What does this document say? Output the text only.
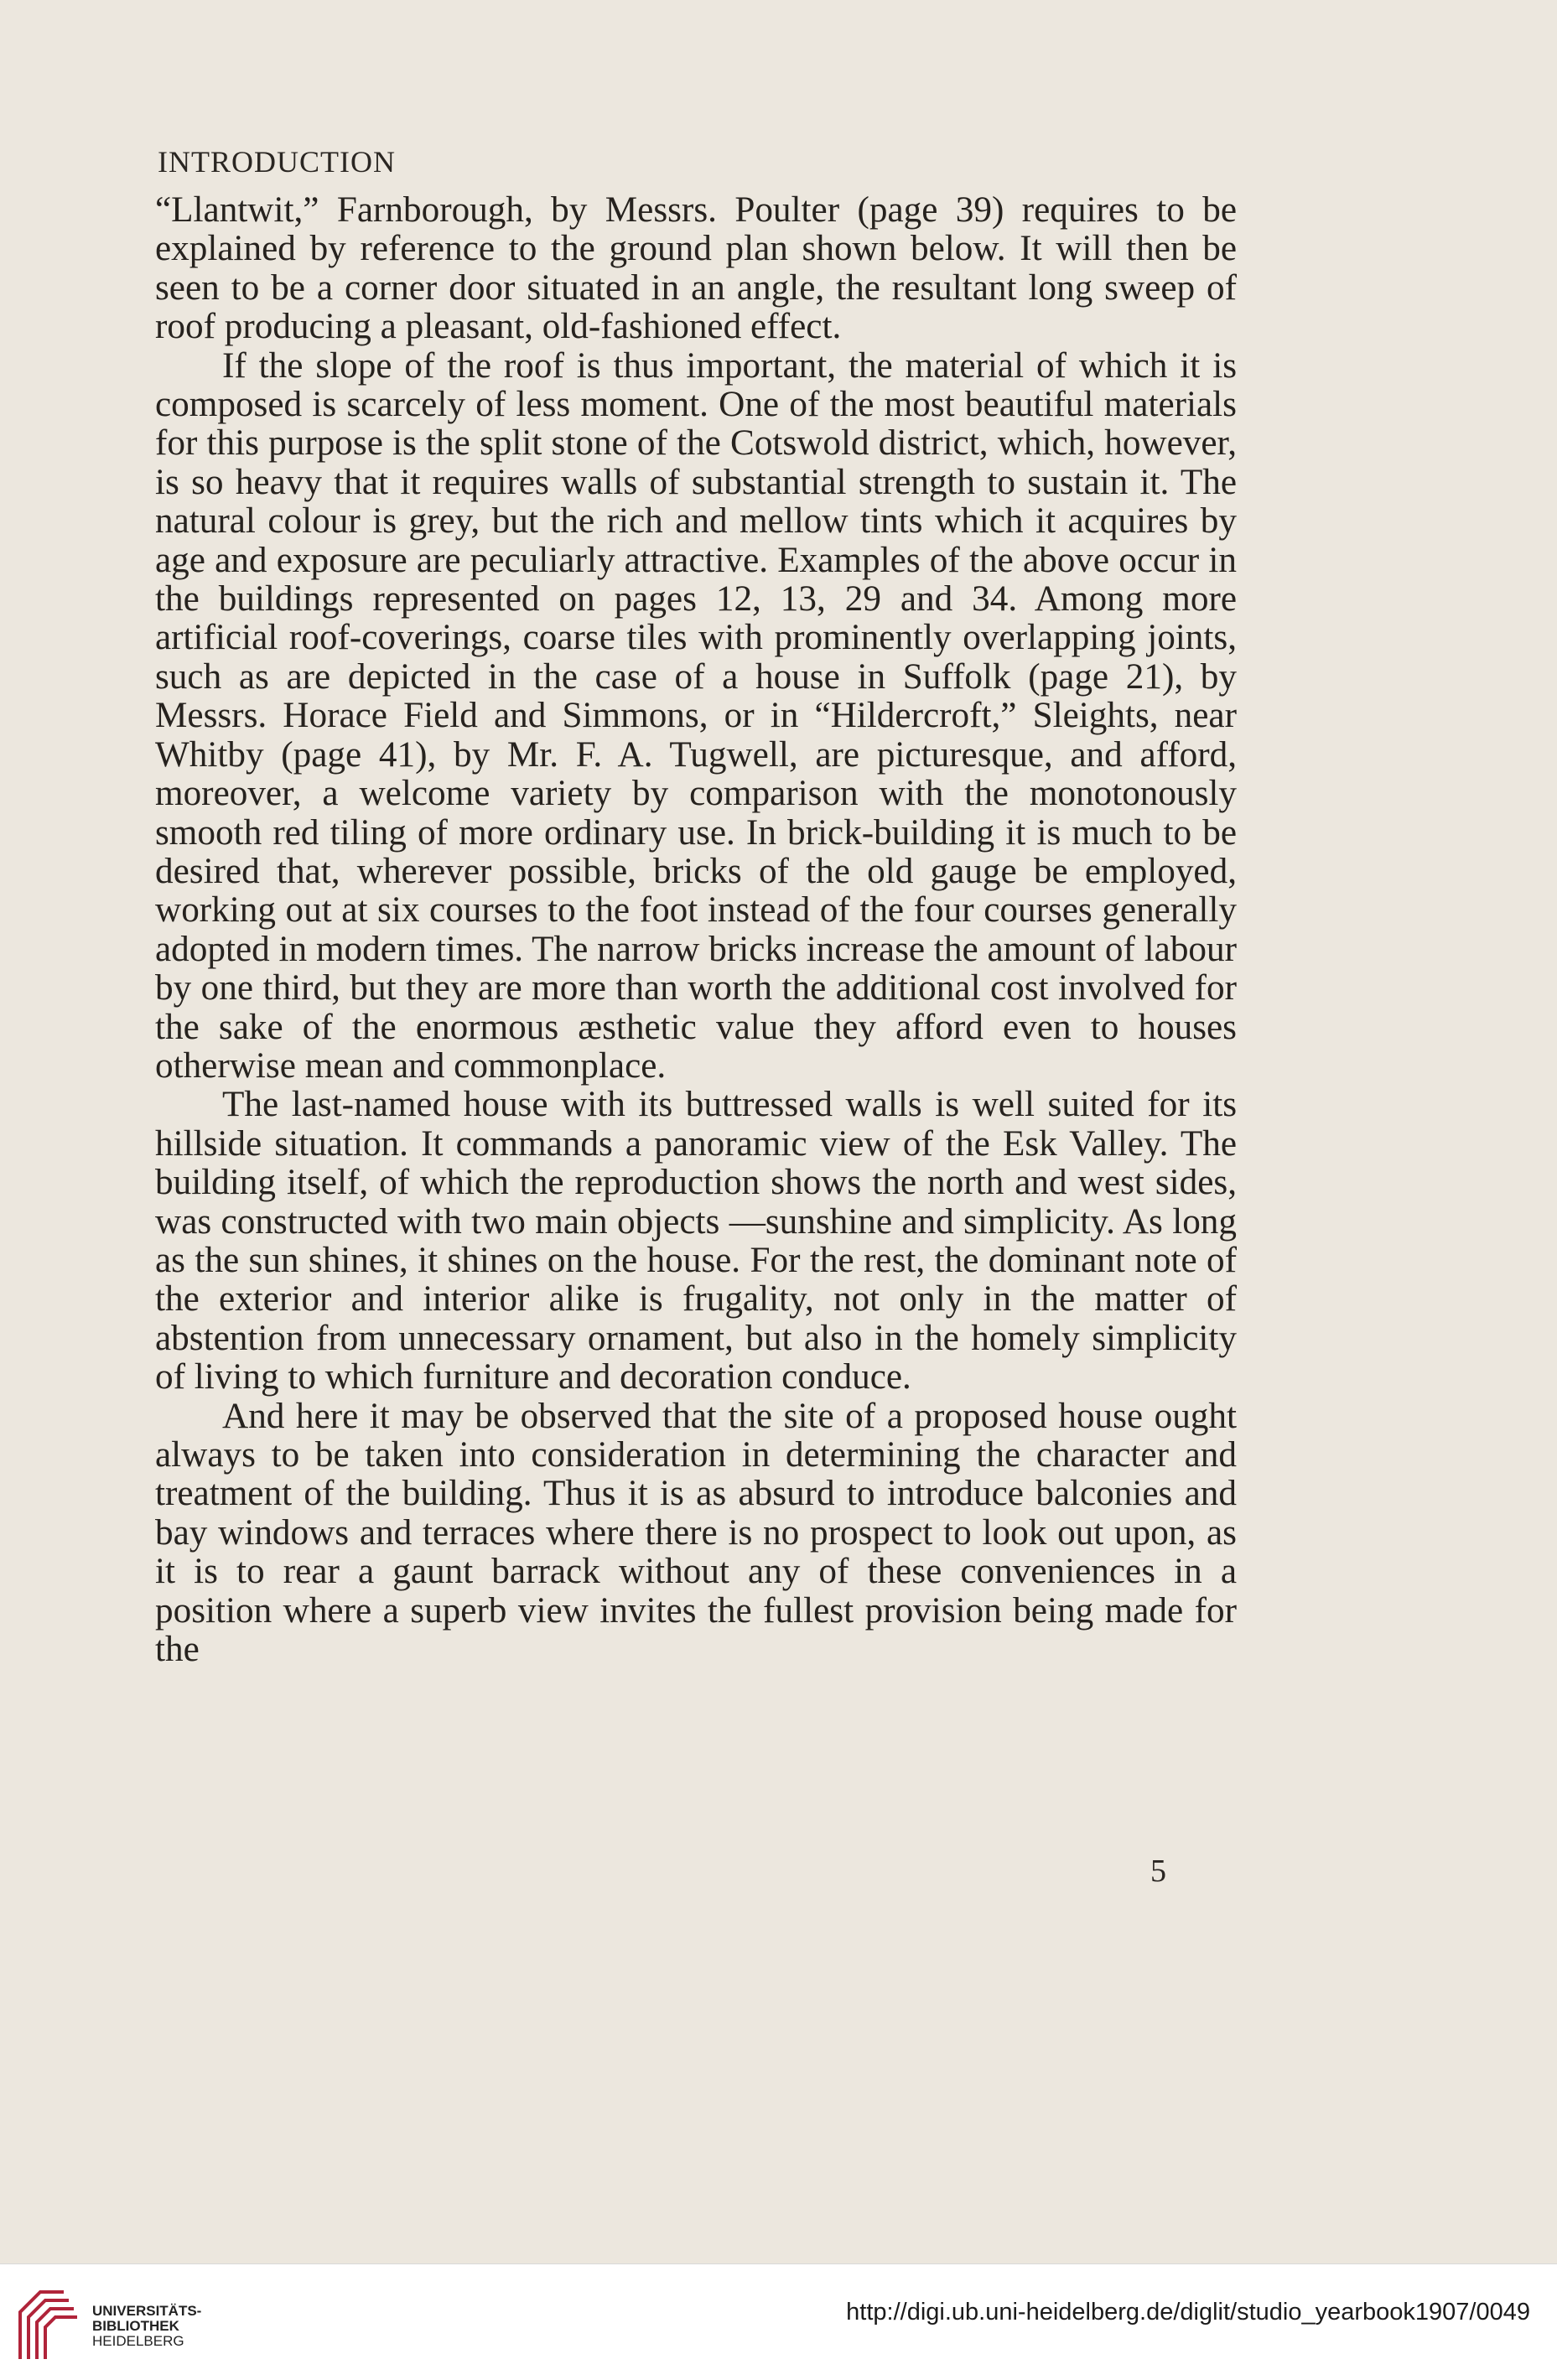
INTRODUCTION

“Llantwit,” Farnborough, by Messrs. Poulter (page 39) requires to be explained by reference to the ground plan shown below. It will then be seen to be a corner door situated in an angle, the resultant long sweep of roof producing a pleasant, old-fashioned effect.

If the slope of the roof is thus important, the material of which it is composed is scarcely of less moment. One of the most beautiful materials for this purpose is the split stone of the Cotswold district, which, however, is so heavy that it requires walls of substantial strength to sustain it. The natural colour is grey, but the rich and mellow tints which it acquires by age and exposure are peculiarly attractive. Examples of the above occur in the buildings represented on pages 12, 13, 29 and 34. Among more artificial roof-coverings, coarse tiles with prominently overlapping joints, such as are depicted in the case of a house in Suffolk (page 21), by Messrs. Horace Field and Simmons, or in “Hildercroft,” Sleights, near Whitby (page 41), by Mr. F. A. Tugwell, are picturesque, and afford, moreover, a welcome variety by comparison with the monotonously smooth red tiling of more ordinary use. In brick-building it is much to be desired that, wherever possible, bricks of the old gauge be employed, working out at six courses to the foot instead of the four courses generally adopted in modern times. The narrow bricks increase the amount of labour by one third, but they are more than worth the additional cost involved for the sake of the enormous æsthetic value they afford even to houses otherwise mean and commonplace.

The last-named house with its buttressed walls is well suited for its hillside situation. It commands a panoramic view of the Esk Valley. The building itself, of which the reproduction shows the north and west sides, was constructed with two main objects —sunshine and simplicity. As long as the sun shines, it shines on the house. For the rest, the dominant note of the exterior and interior alike is frugality, not only in the matter of abstention from unnecessary ornament, but also in the homely simplicity of living to which furniture and decoration conduce.

And here it may be observed that the site of a proposed house ought always to be taken into consideration in determining the character and treatment of the building. Thus it is as absurd to introduce balconies and bay windows and terraces where there is no prospect to look out upon, as it is to rear a gaunt barrack without any of these conveniences in a position where a superb view invites the fullest provision being made for the

5
UNIVERSITÄTS-
BIBLIOTHEK
HEIDELBERG
http://digi.ub.uni-heidelberg.de/diglit/studio_yearbook1907/0049
